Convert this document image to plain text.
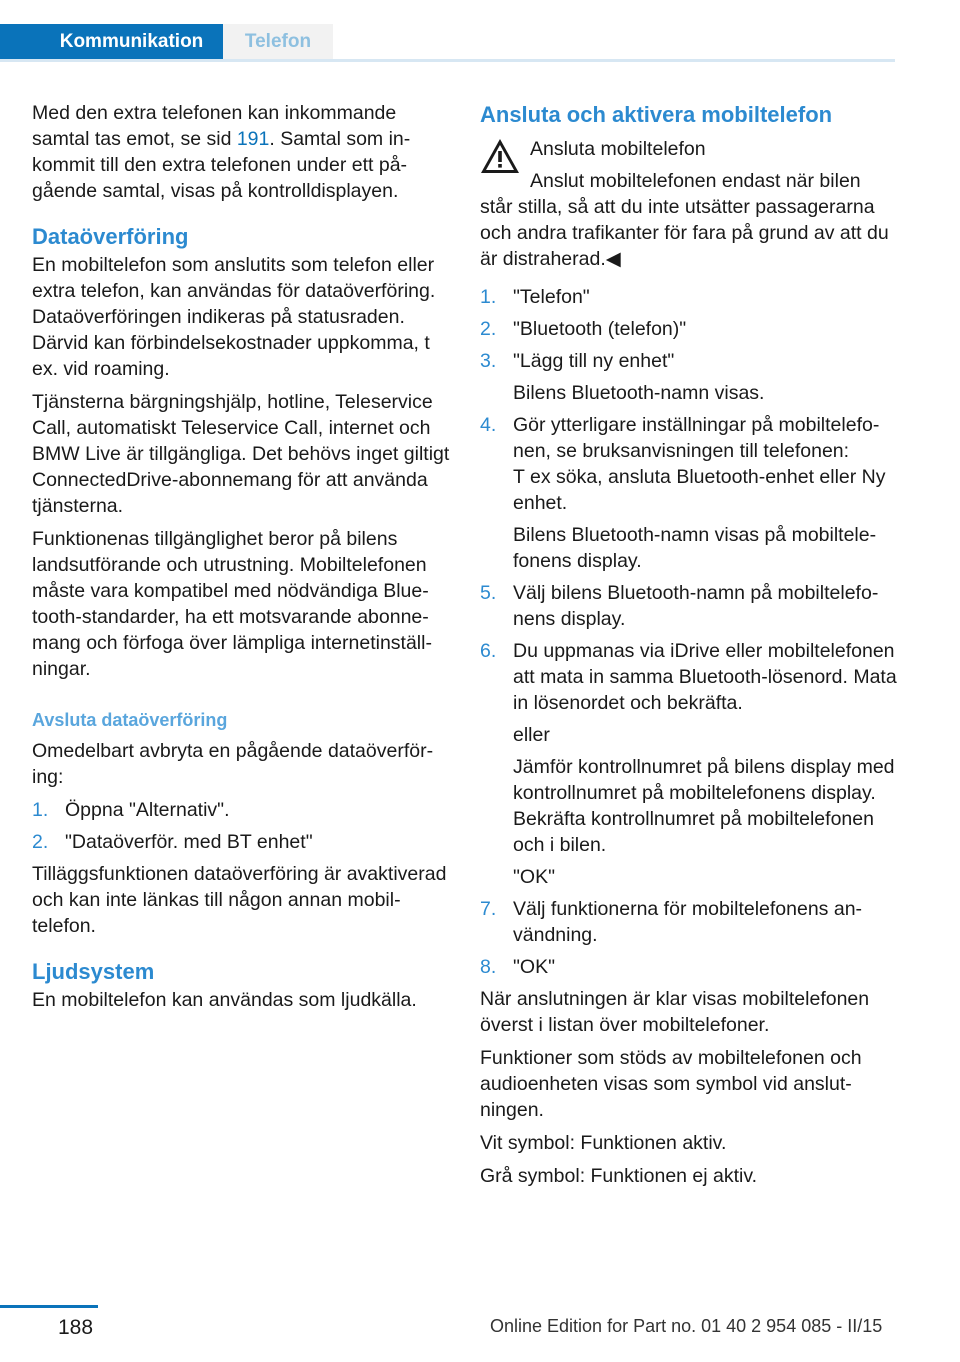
Kommunikation	Telefon

Med den extra telefonen kan inkommande samtal tas emot, se sid 191. Samtal som inkommit till den extra telefonen under ett pågående samtal, visas på kontrolldisplayen.

Dataöverföring

En mobiltelefon som anslutits som telefon eller extra telefon, kan användas för dataöverföring. Dataöverföringen indikeras på statusraden. Därvid kan förbindelsekostnader uppkomma, t ex. vid roaming.

Tjänsterna bärgningshjälp, hotline, Teleservice Call, automatiskt Teleservice Call, internet och BMW Live är tillgängliga. Det behövs inget giltigt ConnectedDrive-abonnemang för att använda tjänsterna.

Funktionenas tillgänglighet beror på bilens landsutförande och utrustning. Mobiltelefonen måste vara kompatibel med nödvändiga Bluetooth-standarder, ha ett motsvarande abonnemang och förfoga över lämpliga internetinställningar.

Avsluta dataöverföring

Omedelbart avbryta en pågående dataöverföring:

1. Öppna "Alternativ".
2. "Dataöverför. med BT enhet"

Tilläggsfunktionen dataöverföring är avaktiverad och kan inte länkas till någon annan mobiltelefon.

Ljudsystem

En mobiltelefon kan användas som ljudkälla.

Ansluta och aktivera mobiltelefon
Ansluta mobiltelefon

Anslut mobiltelefonen endast när bilen står stilla, så att du inte utsätter passagerarna och andra trafikanter för fara på grund av att du är distraherad.◀

1. "Telefon"
2. "Bluetooth (telefon)"
3. "Lägg till ny enhet"
Bilens Bluetooth-namn visas.
4. Gör ytterligare inställningar på mobiltelefonen, se bruksanvisningen till telefonen:
T ex söka, ansluta Bluetooth-enhet eller Ny enhet.
Bilens Bluetooth-namn visas på mobiltelefonens display.
5. Välj bilens Bluetooth-namn på mobiltelefonens display.
6. Du uppmanas via iDrive eller mobiltelefonen att mata in samma Bluetooth-lösenord. Mata in lösenordet och bekräfta.
eller
Jämför kontrollnumret på bilens display med kontrollnumret på mobiltelefonens display. Bekräfta kontrollnumret på mobiltelefonen och i bilen.
"OK"
7. Välj funktionerna för mobiltelefonens användning.
8. "OK"

När anslutningen är klar visas mobiltelefonen överst i listan över mobiltelefoner.

Funktioner som stöds av mobiltelefonen och audioenheten visas som symbol vid anslutningen.

Vit symbol: Funktionen aktiv.

Grå symbol: Funktionen ej aktiv.

188	Online Edition for Part no. 01 40 2 954 085 - II/15
